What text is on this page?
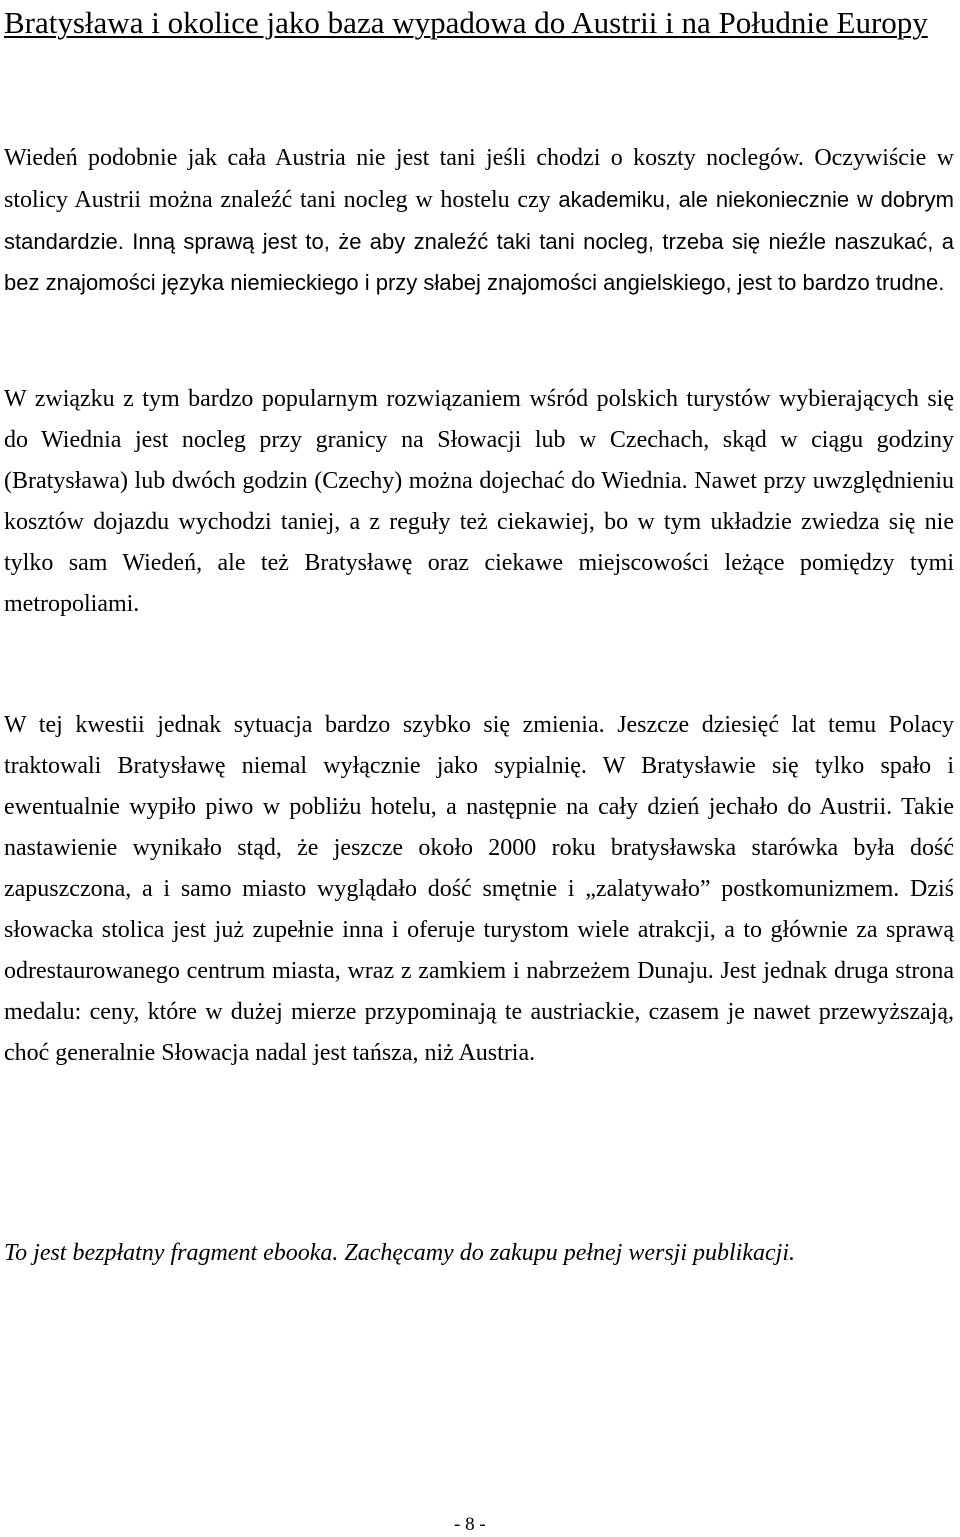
Bratysława i okolice jako baza wypadowa do Austrii i na Południe Europy

Wiedeń podobnie jak cała Austria nie jest tani jeśli chodzi o koszty noclegów. Oczywiście w stolicy Austrii można znaleźć tani nocleg w hostelu czy akademiku, ale niekoniecznie w dobrym standardzie. Inną sprawą jest to, że aby znaleźć taki tani nocleg, trzeba się nieźle naszukać, a bez znajomości języka niemieckiego i przy słabej znajomości angielskiego, jest to bardzo trudne.

W związku z tym bardzo popularnym rozwiązaniem wśród polskich turystów wybierających się do Wiednia jest nocleg przy granicy na Słowacji lub w Czechach, skąd w ciągu godziny (Bratysława) lub dwóch godzin (Czechy) można dojechać do Wiednia. Nawet przy uwzględnieniu kosztów dojazdu wychodzi taniej, a z reguły też ciekawiej, bo w tym układzie zwiedza się nie tylko sam Wiedeń, ale też Bratysławę oraz ciekawe miejscowości leżące pomiędzy tymi metropoliami.

W tej kwestii jednak sytuacja bardzo szybko się zmienia. Jeszcze dziesięć lat temu Polacy traktowali Bratysławę niemal wyłącznie jako sypialnię. W Bratysławie się tylko spało i ewentualnie wypiło piwo w pobliżu hotelu, a następnie na cały dzień jechało do Austrii. Takie nastawienie wynikało stąd, że jeszcze około 2000 roku bratysławska starówka była dość zapuszczona, a i samo miasto wyglądało dość smętnie i „zalatywało” postkomunizmem. Dziś słowacka stolica jest już zupełnie inna i oferuje turystom wiele atrakcji, a to głównie za sprawą odrestaurowanego centrum miasta, wraz z zamkiem i nabrzeżem Dunaju. Jest jednak druga strona medalu: ceny, które w dużej mierze przypominają te austriackie, czasem je nawet przewyższają, choć generalnie Słowacja nadal jest tańsza, niż Austria.

To jest bezpłatny fragment ebooka. Zachęcamy do zakupu pełnej wersji publikacji.

- 8 -
